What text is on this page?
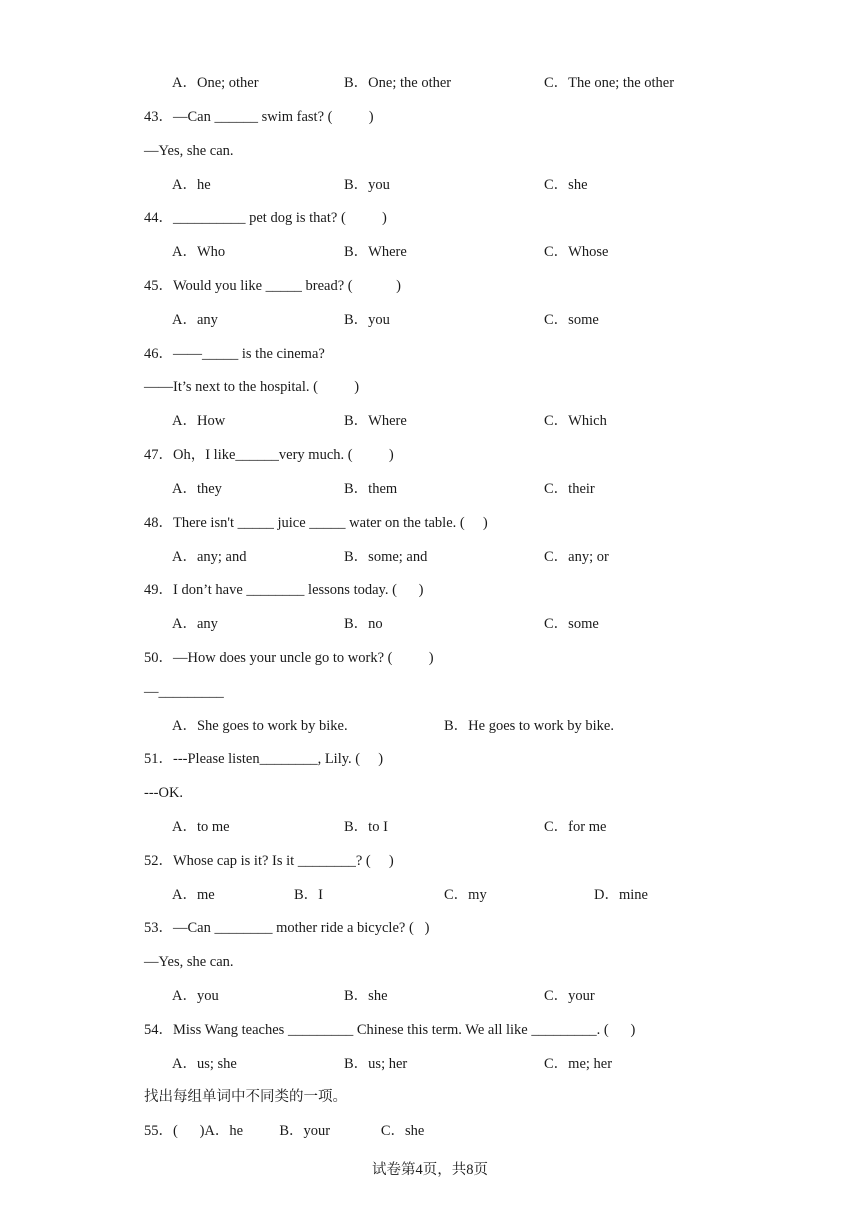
A．One; other	B．One; the other	C．The one; the other
43．—Can ______ swim fast? (          )
—Yes, she can.
A．he	B．you	C．she
44．__________ pet dog is that? (          )
A．Who	B．Where	C．Whose
45．Would you like _____ bread? (            )
A．any	B．you	C．some
46．——_____ is the cinema?
——It’s next to the hospital. (          )
A．How	B．Where	C．Which
47．Oh，I like______very much. (          )
A．they	B．them	C．their
48．There isn't _____ juice _____ water on the table. (     )
A．any; and	B．some; and	C．any; or
49．I don’t have ________ lessons today. (      )
A．any	B．no	C．some
50．—How does your uncle go to work? (          )
—_________
A．She goes to work by bike.	B．He goes to work by bike.
51．---Please listen________, Lily. (     )
---OK.
A．to me	B．to I	C．for me
52．Whose cap is it? Is it ________? (     )
A．me	B．I	C．my	D．mine
53．—Can ________ mother ride a bicycle? (   )
—Yes, she can.
A．you	B．she	C．your
54．Miss Wang teaches _________ Chinese this term. We all like _________. (      )
A．us; she	B．us; her	C．me; her
找出每组单词中不同类的一项。
55．(      )A．he          B．your              C．she
试卷第4页，共8页
